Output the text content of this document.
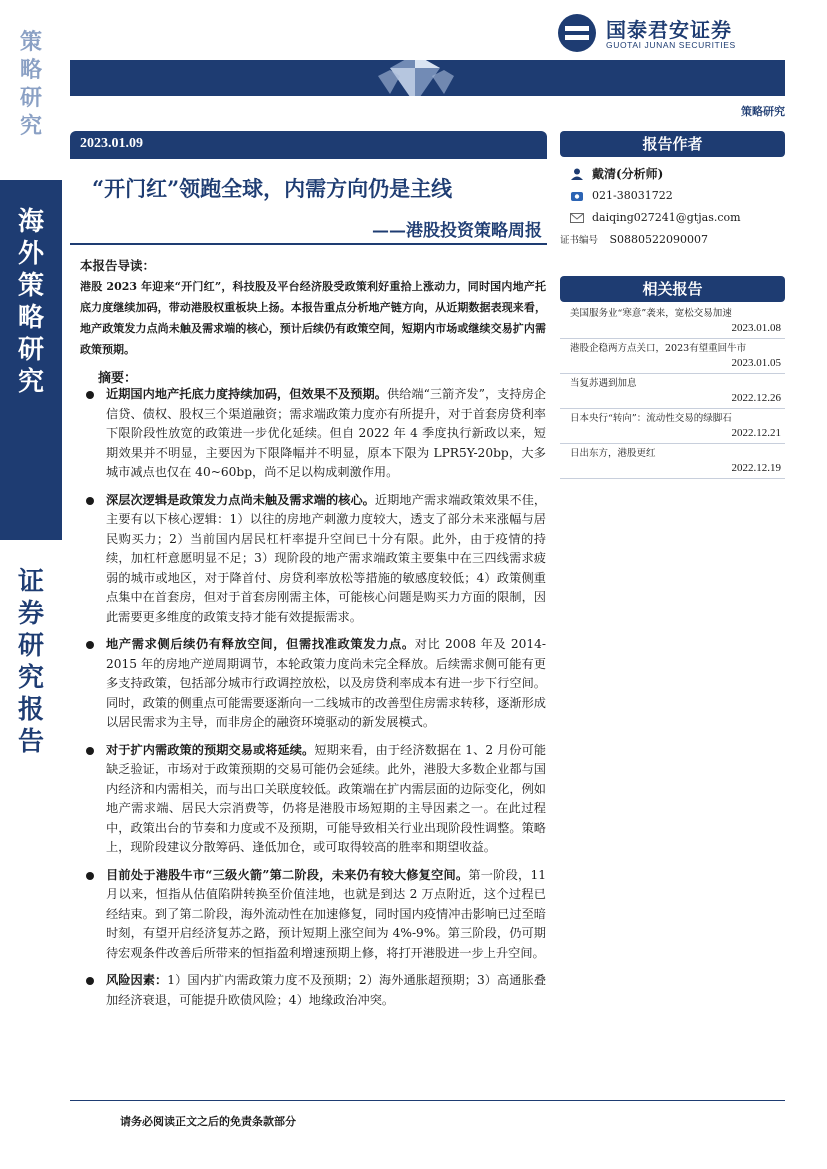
策略研究
海外策略研究
证券研究报告
国泰君安证券
GUOTAI JUNAN SECURITIES
策略研究
2023.01.09
“开门红”领跑全球，内需方向仍是主线
——港股投资策略周报
报告作者
戴清(分析师)
021-38031722
daiqing027241@gtjas.com
证书编号 S0880522090007
相关报告
美国服务业“寒意”袭来，宽松交易加速
2023.01.08
港股企稳两方点关口，2023有望重回牛市
2023.01.05
当复苏遇到加息
2022.12.26
日本央行“转向”：流动性交易的绿脚石
2022.12.21
日出东方，港股更红
2022.12.19
本报告导读：
港股 2023 年迎来“开门红”，科技股及平台经济股受政策利好重拾上涨动力，同时国内地产托底力度继续加码，带动港股权重板块上扬。本报告重点分析地产链方向，从近期数据表现来看，地产政策发力点尚未触及需求端的核心，预计后续仍有政策空间，短期内市场或继续交易扩内需政策预期。
摘要：
近期国内地产托底力度持续加码，但效果不及预期。供给端“三箭齐发”，支持房企信贷、债权、股权三个渠道融资；需求端政策力度亦有所提升，对于首套房贷利率下限阶段性放宽的政策进一步优化延续。但自 2022 年 4 季度执行新政以来，短期效果并不明显，主要因为下限降幅并不明显，原本下限为 LPR5Y-20bp，大多城市减点也仅在 40~60bp，尚不足以构成刺激作用。
深层次逻辑是政策发力点尚未触及需求端的核心。近期地产需求端政策效果不佳，主要有以下核心逻辑：1）以往的房地产刺激力度较大，透支了部分未来涨幅与居民购买力；2）当前国内居民杠杆率提升空间已十分有限。此外，由于疫情的持续，加杠杆意愿明显不足；3）现阶段的地产需求端政策主要集中在三四线需求疲弱的城市或地区，对于降首付、房贷利率放松等措施的敏感度较低；4）政策侧重点集中在首套房，但对于首套房刚需主体，可能核心问题是购买力方面的限制，因此需要更多维度的政策支持才能有效提振需求。
地产需求侧后续仍有释放空间，但需找准政策发力点。对比 2008 年及 2014-2015 年的房地产逆周期调节，本轮政策力度尚未完全释放。后续需求侧可能有更多支持政策，包括部分城市行政调控放松，以及房贷利率成本有进一步下行空间。同时，政策的侧重点可能需要逐渐向一二线城市的改善型住房需求转移，逐渐形成以居民需求为主导，而非房企的融资环境驱动的新发展模式。
对于扩内需政策的预期交易或将延续。短期来看，由于经济数据在 1、2 月份可能缺乏验证，市场对于政策预期的交易可能仍会延续。此外，港股大多数企业都与国内经济和内需相关，而与出口关联度较低。政策端在扩内需层面的边际变化，例如地产需求端、居民大宗消费等，仍将是港股市场短期的主导因素之一。在此过程中，政策出台的节奏和力度或不及预期，可能导致相关行业出现阶段性调整。策略上，现阶段建议分散筹码、逢低加仓，或可取得较高的胜率和期望收益。
目前处于港股牛市“三级火箭”第二阶段，未来仍有较大修复空间。第一阶段，11 月以来，恒指从估值陷阱转换至价值洼地，也就是到达 2 万点附近，这个过程已经结束。到了第二阶段，海外流动性在加速修复，同时国内疫情冲击影响已过至暗时刻，有望开启经济复苏之路，预计短期上涨空间为 4%-9%。第三阶段，仍可期待宏观条件改善后所带来的恒指盈利增速预期上修，将打开港股进一步上升空间。
风险因素：1）国内扩内需政策力度不及预期；2）海外通胀超预期；3）高通胀叠加经济衰退，可能提升欧债风险；4）地缘政治冲突。
请务必阅读正文之后的免责条款部分
